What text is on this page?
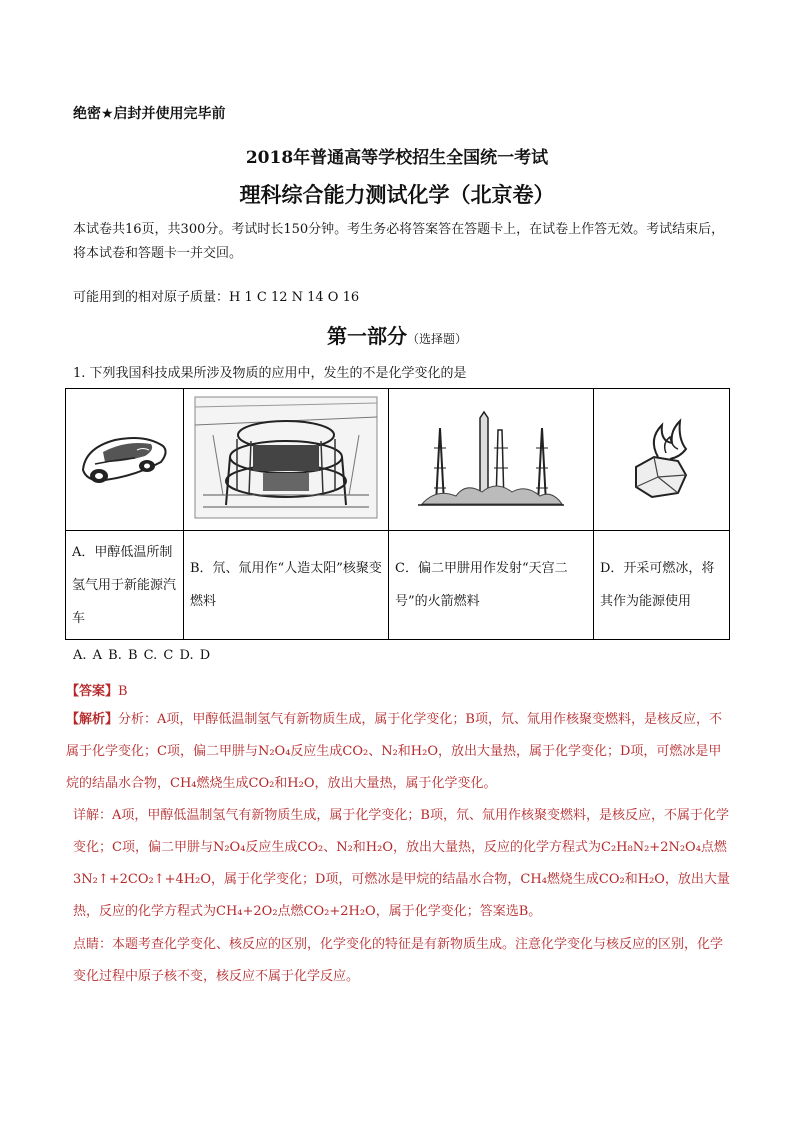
绝密★启封并使用完毕前
2018年普通高等学校招生全国统一考试
理科综合能力测试化学（北京卷）
本试卷共16页，共300分。考试时长150分钟。考生务必将答案答在答题卡上，在试卷上作答无效。考试结束后，将本试卷和答题卡一并交回。
可能用到的相对原子质量：H 1 C 12 N 14 O 16
第一部分（选择题）
1. 下列我国科技成果所涉及物质的应用中，发生的不是化学变化的是

A．甲醇低温所制氢气用于新能源汽车	B．氘、氚用作“人造太阳”核聚变燃料	C．偏二甲肼用作发射“天宫二号”的火箭燃料	D．开采可燃冰，将其作为能源使用
A. A B. B C. C D. D
【答案】B
【解析】分析：A项，甲醇低温制氢气有新物质生成，属于化学变化；B项，氘、氚用作核聚变燃料，是核反应，不属于化学变化；C项，偏二甲肼与N₂O₄反应生成CO₂、N₂和H₂O，放出大量热，属于化学变化；D项，可燃冰是甲烷的结晶水合物，CH₄燃烧生成CO₂和H₂O，放出大量热，属于化学变化。
详解：A项，甲醇低温制氢气有新物质生成，属于化学变化；B项，氘、氚用作核聚变燃料，是核反应，不属于化学变化；C项，偏二甲肼与N₂O₄反应生成CO₂、N₂和H₂O，放出大量热，反应的化学方程式为C₂H₈N₂+2N₂O₄点燃3N₂↑+2CO₂↑+4H₂O，属于化学变化；D项，可燃冰是甲烷的结晶水合物，CH₄燃烧生成CO₂和H₂O，放出大量热，反应的化学方程式为CH₄+2O₂点燃CO₂+2H₂O，属于化学变化；答案选B。
点睛：本题考查化学变化、核反应的区别，化学变化的特征是有新物质生成。注意化学变化与核反应的区别，化学变化过程中原子核不变，核反应不属于化学反应。
